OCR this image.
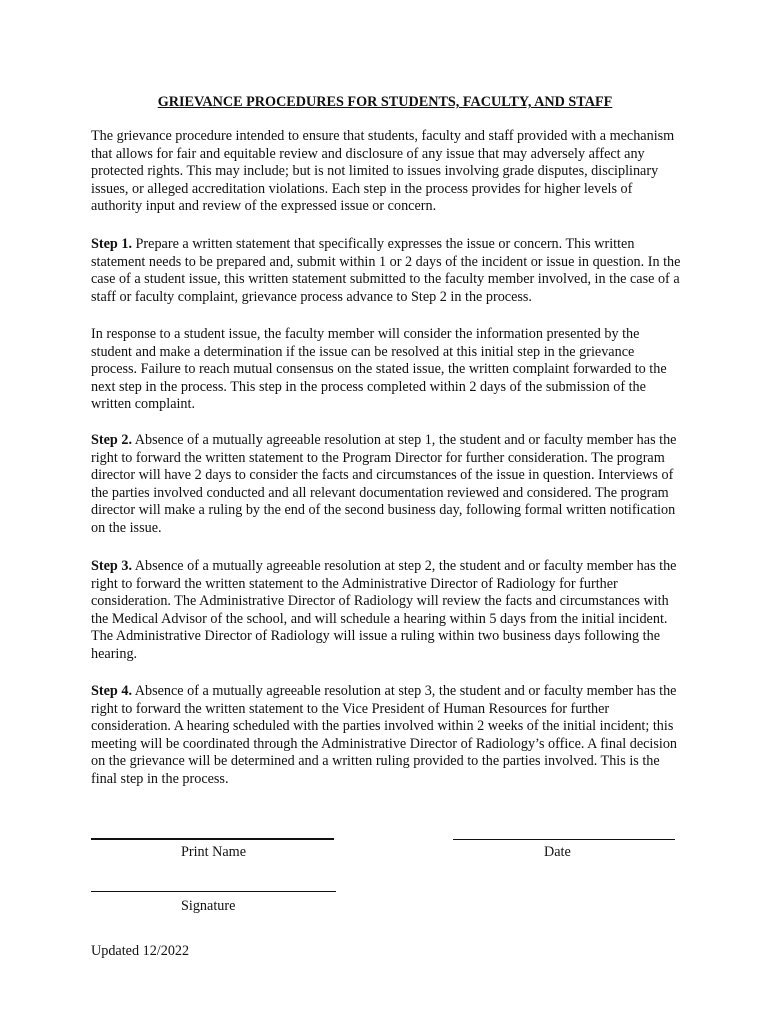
GRIEVANCE PROCEDURES FOR STUDENTS, FACULTY, AND STAFF

The grievance procedure intended to ensure that students, faculty and staff provided with a mechanism that allows for fair and equitable review and disclosure of any issue that may adversely affect any protected rights. This may include; but is not limited to issues involving grade disputes, disciplinary issues, or alleged accreditation violations. Each step in the process provides for higher levels of authority input and review of the expressed issue or concern.

Step 1. Prepare a written statement that specifically expresses the issue or concern. This written statement needs to be prepared and, submit within 1 or 2 days of the incident or issue in question. In the case of a student issue, this written statement submitted to the faculty member involved, in the case of a staff or faculty complaint, grievance process advance to Step 2 in the process.

In response to a student issue, the faculty member will consider the information presented by the student and make a determination if the issue can be resolved at this initial step in the grievance process. Failure to reach mutual consensus on the stated issue, the written complaint forwarded to the next step in the process. This step in the process completed within 2 days of the submission of the written complaint.

Step 2. Absence of a mutually agreeable resolution at step 1, the student and or faculty member has the right to forward the written statement to the Program Director for further consideration. The program director will have 2 days to consider the facts and circumstances of the issue in question. Interviews of the parties involved conducted and all relevant documentation reviewed and considered. The program director will make a ruling by the end of the second business day, following formal written notification on the issue.

Step 3. Absence of a mutually agreeable resolution at step 2, the student and or faculty member has the right to forward the written statement to the Administrative Director of Radiology for further consideration. The Administrative Director of Radiology will review the facts and circumstances with the Medical Advisor of the school, and will schedule a hearing within 5 days from the initial incident. The Administrative Director of Radiology will issue a ruling within two business days following the hearing.

Step 4. Absence of a mutually agreeable resolution at step 3, the student and or faculty member has the right to forward the written statement to the Vice President of Human Resources for further consideration. A hearing scheduled with the parties involved within 2 weeks of the initial incident; this meeting will be coordinated through the Administrative Director of Radiology’s office. A final decision on the grievance will be determined and a written ruling provided to the parties involved. This is the final step in the process.

Print Name	Date
Signature
Updated 12/2022
